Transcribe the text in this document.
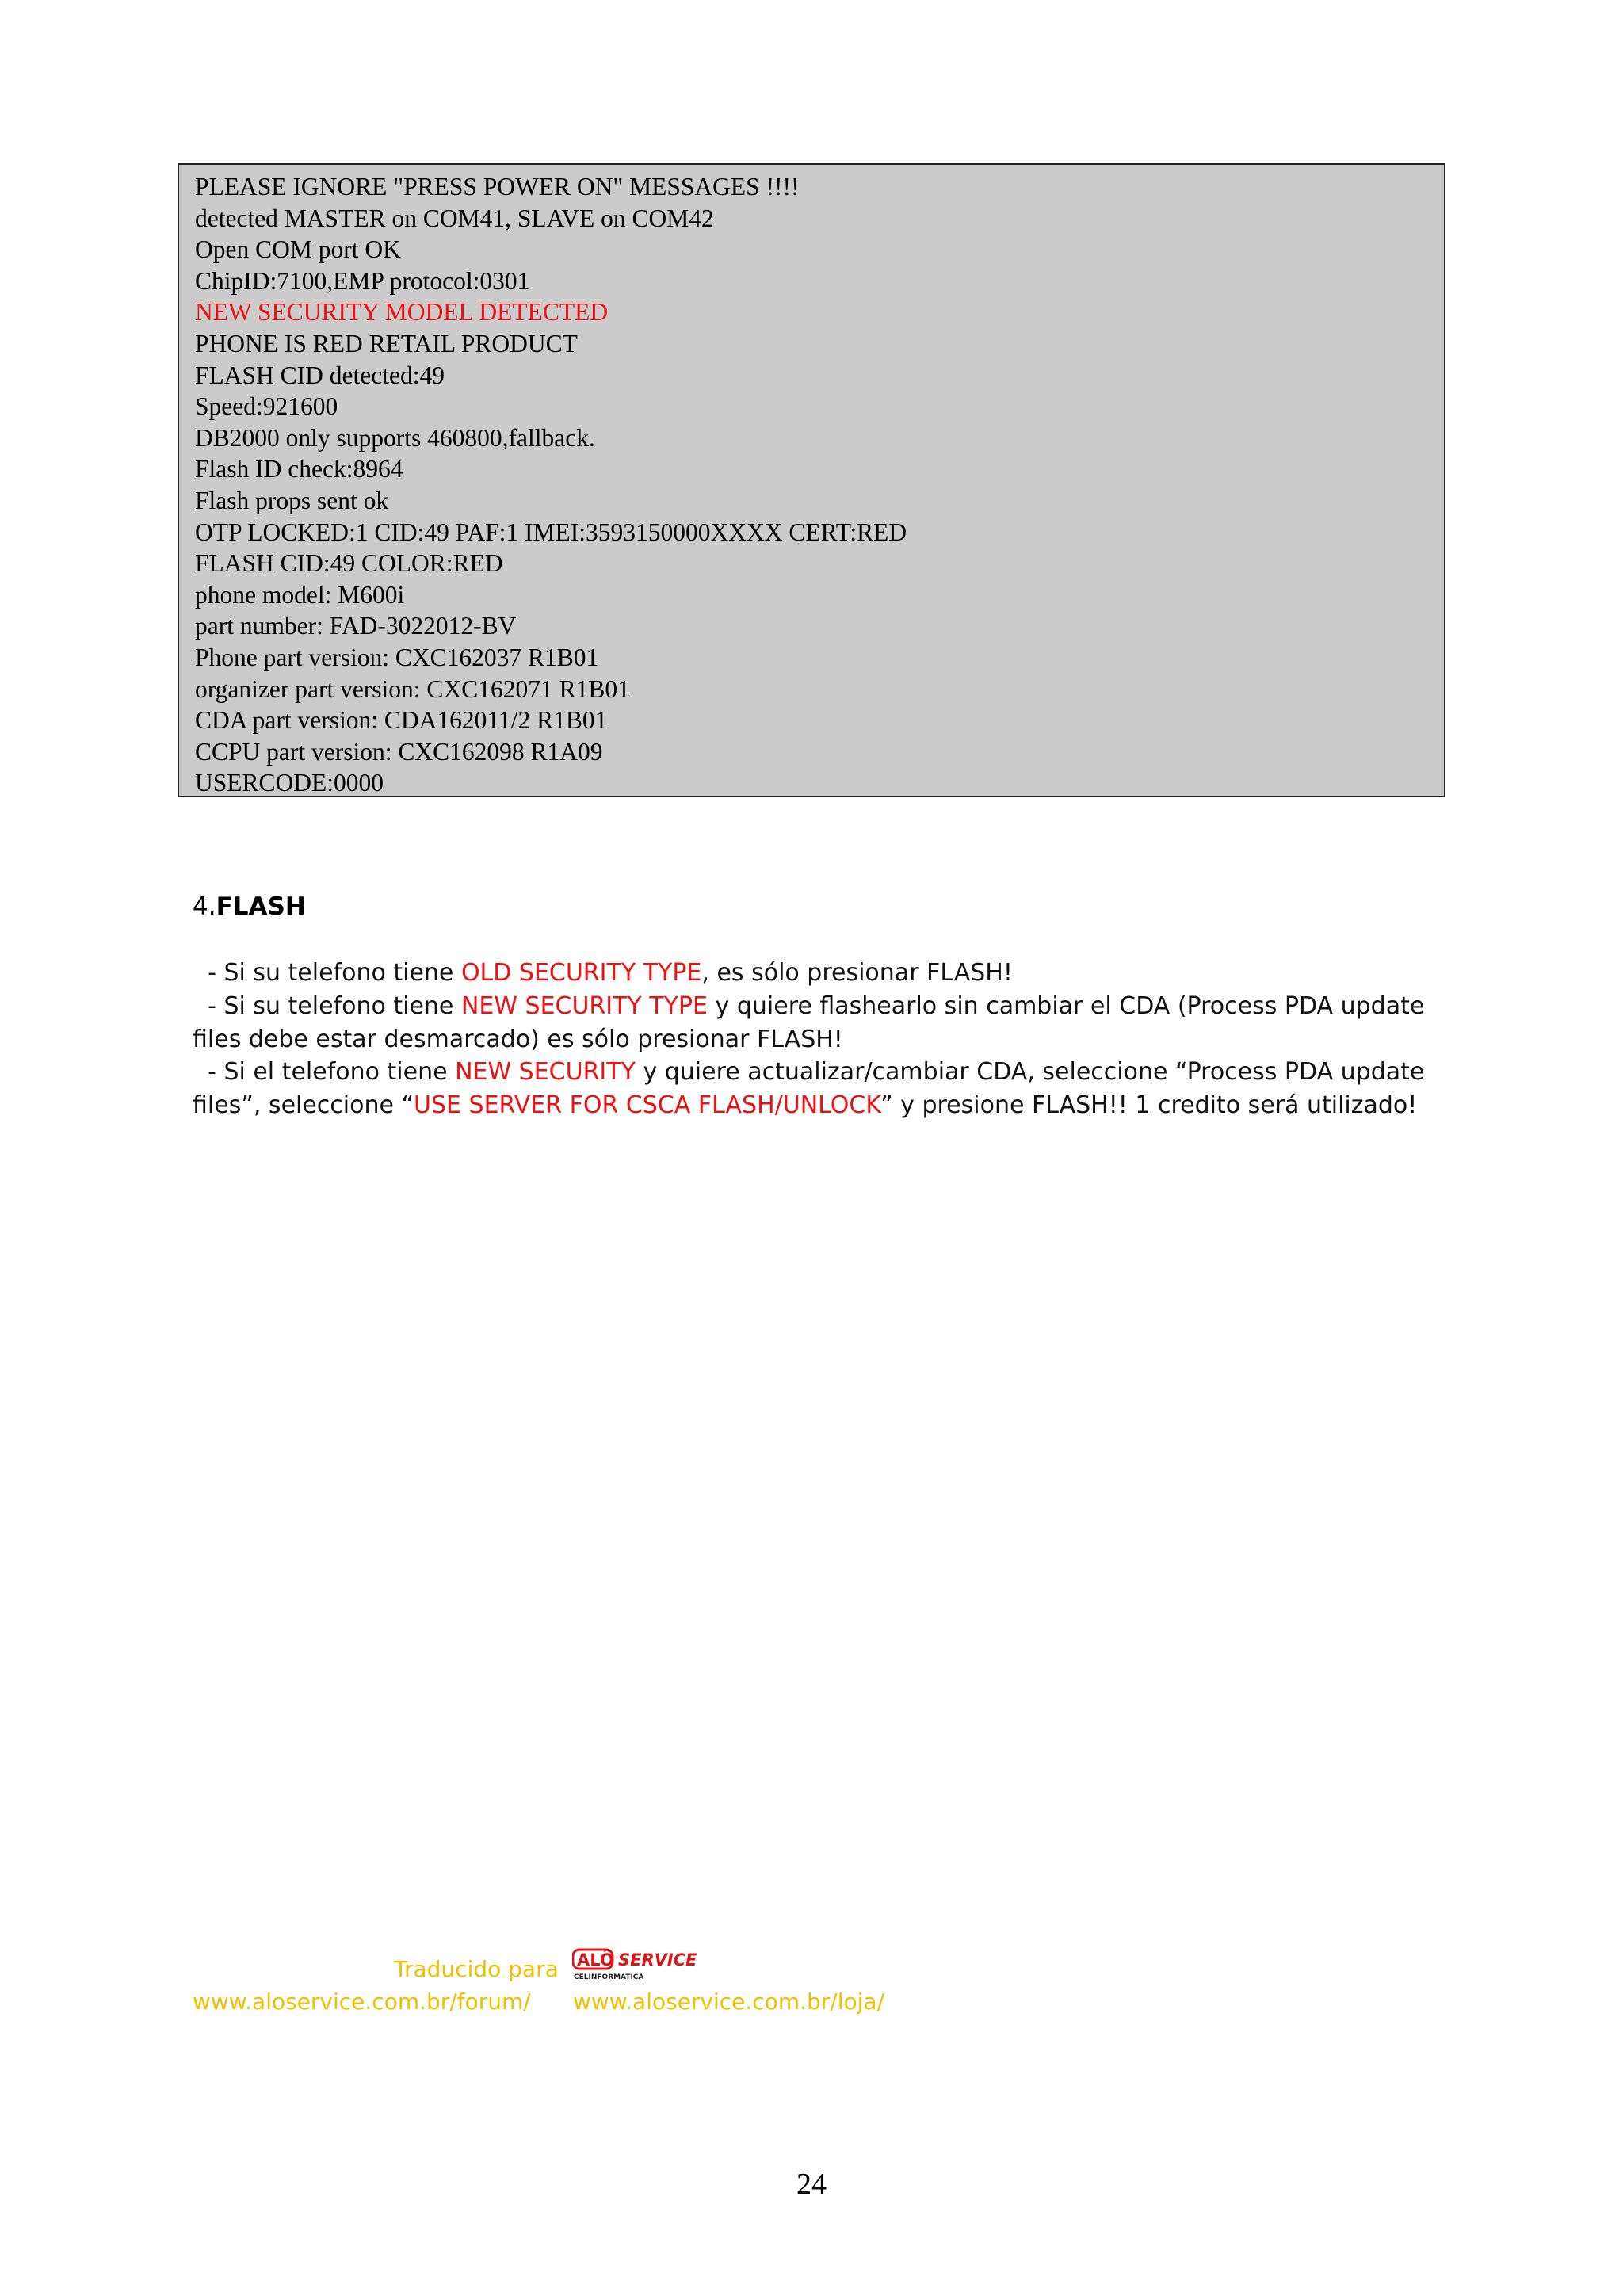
PLEASE IGNORE "PRESS POWER ON" MESSAGES !!!!
detected MASTER on COM41, SLAVE on COM42
Open COM port OK
ChipID:7100,EMP protocol:0301
NEW SECURITY MODEL DETECTED
PHONE IS RED RETAIL PRODUCT
FLASH CID detected:49
Speed:921600
DB2000 only supports 460800,fallback.
Flash ID check:8964
Flash props sent ok
OTP LOCKED:1 CID:49 PAF:1 IMEI:3593150000XXXX CERT:RED
FLASH CID:49 COLOR:RED
phone model: M600i
part number: FAD-3022012-BV
Phone part version: CXC162037 R1B01
organizer part version: CXC162071 R1B01
CDA part version: CDA162011/2 R1B01
CCPU part version: CXC162098 R1A09
USERCODE:0000
4.FLASH
- Si su telefono tiene OLD SECURITY TYPE, es sólo presionar FLASH!
- Si su telefono tiene NEW SECURITY TYPE y quiere flashearlo sin cambiar el CDA (Process PDA update files debe estar desmarcado) es sólo presionar FLASH!
- Si el telefono tiene NEW SECURITY y quiere actualizar/cambiar CDA, seleccione “Process PDA update files”, seleccione “USE SERVER FOR CSCA FLASH/UNLOCK” y presione FLASH!! 1 credito será utilizado!
Traducido para ALÔ SERVICE
CELINFORMÁTICA
www.aloservice.com.br/forum/ www.aloservice.com.br/loja/
24
